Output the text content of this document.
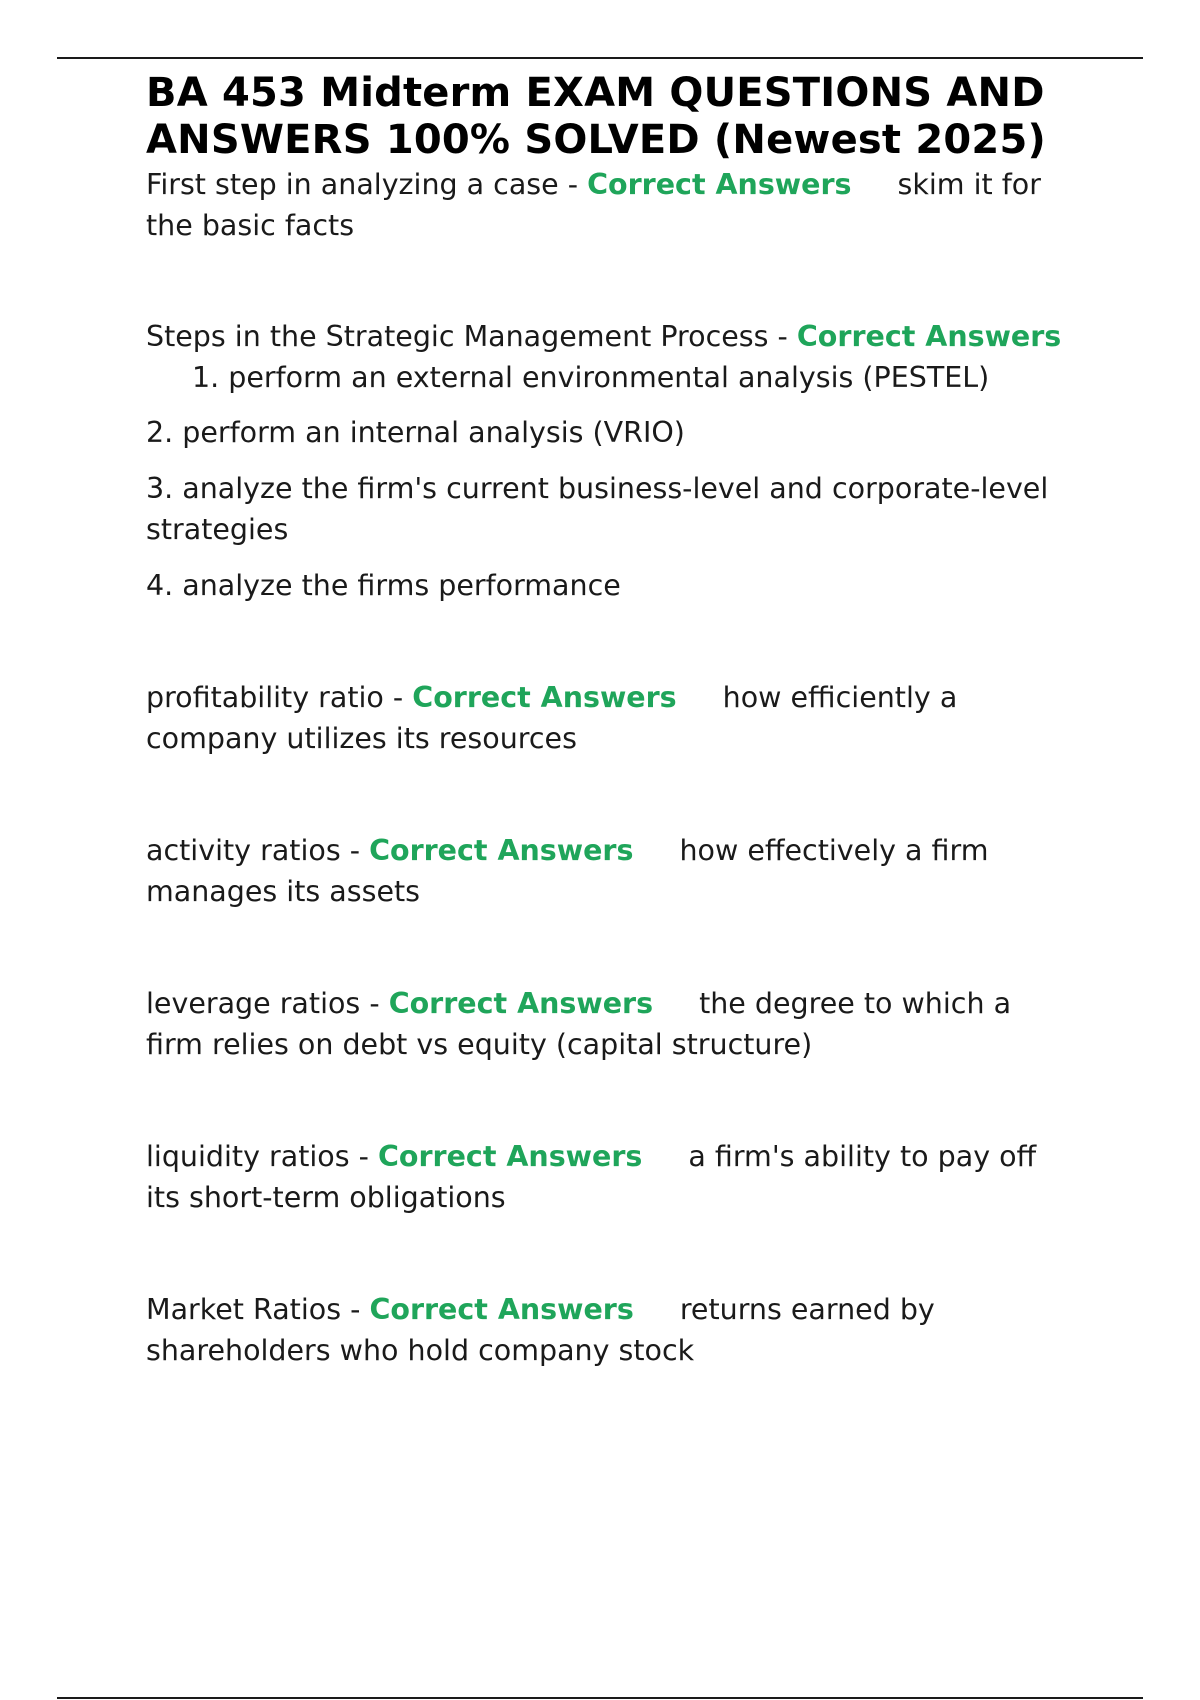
BA 453 Midterm EXAM QUESTIONS AND ANSWERS 100% SOLVED (Newest 2025)

First step in analyzing a case - Correct Answers skim it for the basic facts

Steps in the Strategic Management Process - Correct Answers1. perform an external environmental analysis (PESTEL)

2. perform an internal analysis (VRIO)

3. analyze the firm's current business-level and corporate-level strategies

4. analyze the firms performance

profitability ratio - Correct Answers how efficiently a company utilizes its resources

activity ratios - Correct Answers how effectively a firm manages its assets

leverage ratios - Correct Answers the degree to which a firm relies on debt vs equity (capital structure)

liquidity ratios - Correct Answers a firm's ability to pay off its short-term obligations

Market Ratios - Correct Answers returns earned by shareholders who hold company stock
